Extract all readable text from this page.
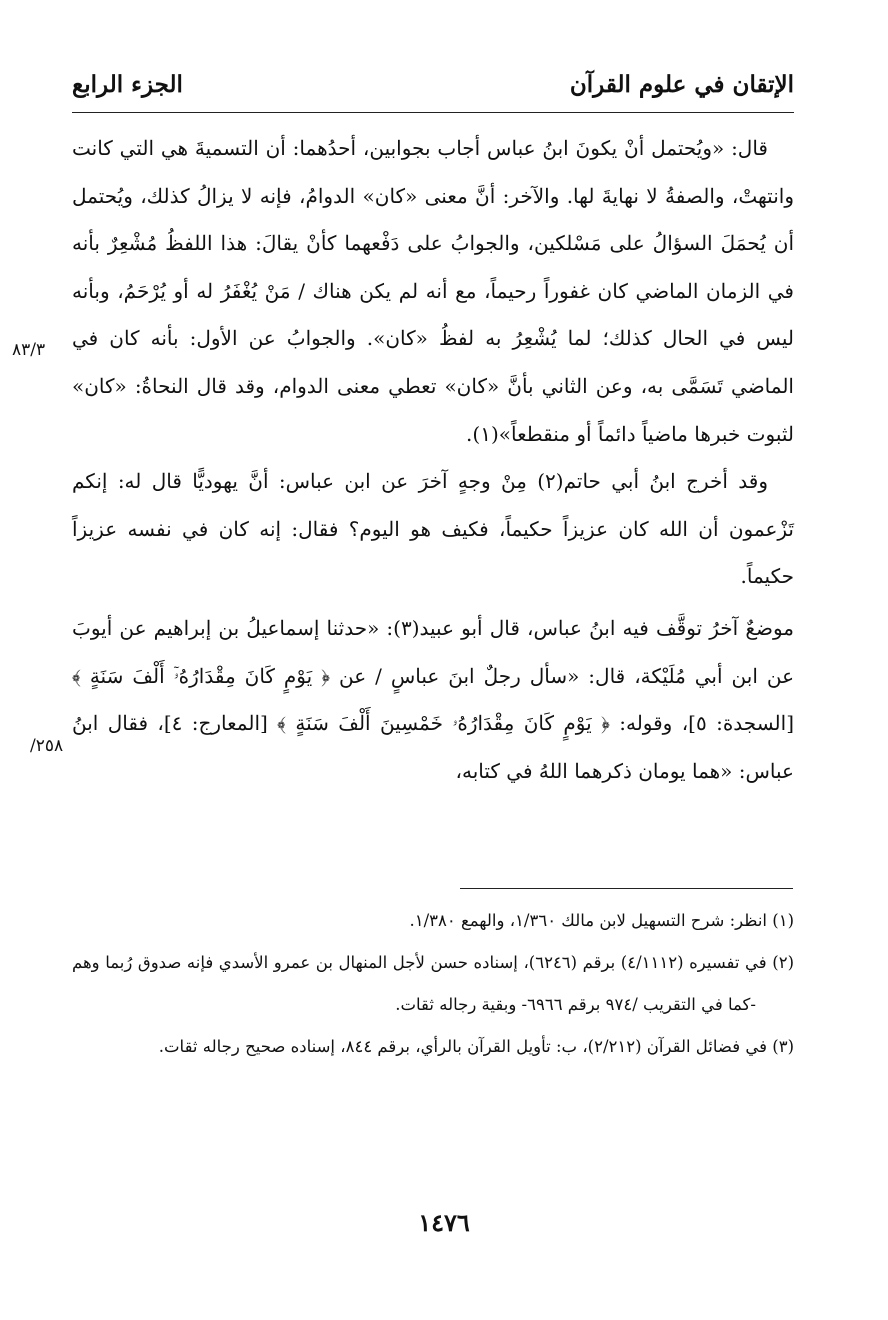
الإتقان في علوم القرآن
الجزء الرابع

قال: «ويُحتمل أنْ يكونَ ابنُ عباس أجاب بجوابين، أحدُهما: أن التسميةَ هي التي كانت وانتهتْ، والصفةُ لا نهايةَ لها. والآخر: أنَّ معنى «كان» الدوامُ، فإنه لا يزالُ كذلك، ويُحتمل أن يُحمَلَ السؤالُ على مَسْلكين، والجوابُ على دَفْعهما كأنْ يقالَ: هذا اللفظُ مُشْعِرٌ بأنه في الزمان الماضي كان غفوراً رحيماً، مع أنه لم يكن هناك / مَنْ يُغْفَرُ له أو يُرْحَمُ، وبأنه ليس في الحال كذلك؛ لما يُشْعِرُ به لفظُ «كان». والجوابُ عن الأول: بأنه كان في الماضي تَسَمَّى به، وعن الثاني بأنَّ «كان» تعطي معنى الدوام، وقد قال النحاةُ: «كان» لثبوت خبرها ماضياً دائماً أو منقطعاً»(١).

وقد أخرج ابنُ أبي حاتم(٢) مِنْ وجهٍ آخرَ عن ابن عباس: أنَّ يهوديًّا قال له: إنكم تَزْعمون أن الله كان عزيزاً حكيماً، فكيف هو اليوم؟ فقال: إنه كان في نفسه عزيزاً حكيماً.

موضعٌ آخرُ توقَّف فيه ابنُ عباس، قال أبو عبيد(٣): «حدثنا إسماعيلُ بن إبراهيم عن أيوبَ عن ابن أبي مُلَيْكة، قال: «سأل رجلٌ ابنَ عباسٍ / عن ﴿ يَوْمٍ كَانَ مِقْدَارُهُۥٓ أَلْفَ سَنَةٍ ﴾ [السجدة: ٥]، وقوله: ﴿ يَوْمٍ كَانَ مِقْدَارُهُۥ خَمْسِينَ أَلْفَ سَنَةٍ ﴾ [المعارج: ٤]، فقال ابنُ عباس: «هما يومان ذكرهما اللهُ في كتابه،

٨٣/٣
٢٥٨/

(١) انظر: شرح التسهيل لابن مالك ١/٣٦٠، والهمع ١/٣٨٠.

(٢) في تفسيره (٤/١١١٢) برقم (٦٢٤٦)، إسناده حسن لأجل المنهال بن عمرو الأسدي فإنه صدوق رُبما وهم -كما في التقريب /٩٧٤ برقم ٦٩٦٦- وبقية رجاله ثقات.

(٣) في فضائل القرآن (٢/٢١٢)، ب: تأويل القرآن بالرأي، برقم ٨٤٤، إسناده صحيح رجاله ثقات.

١٤٧٦
